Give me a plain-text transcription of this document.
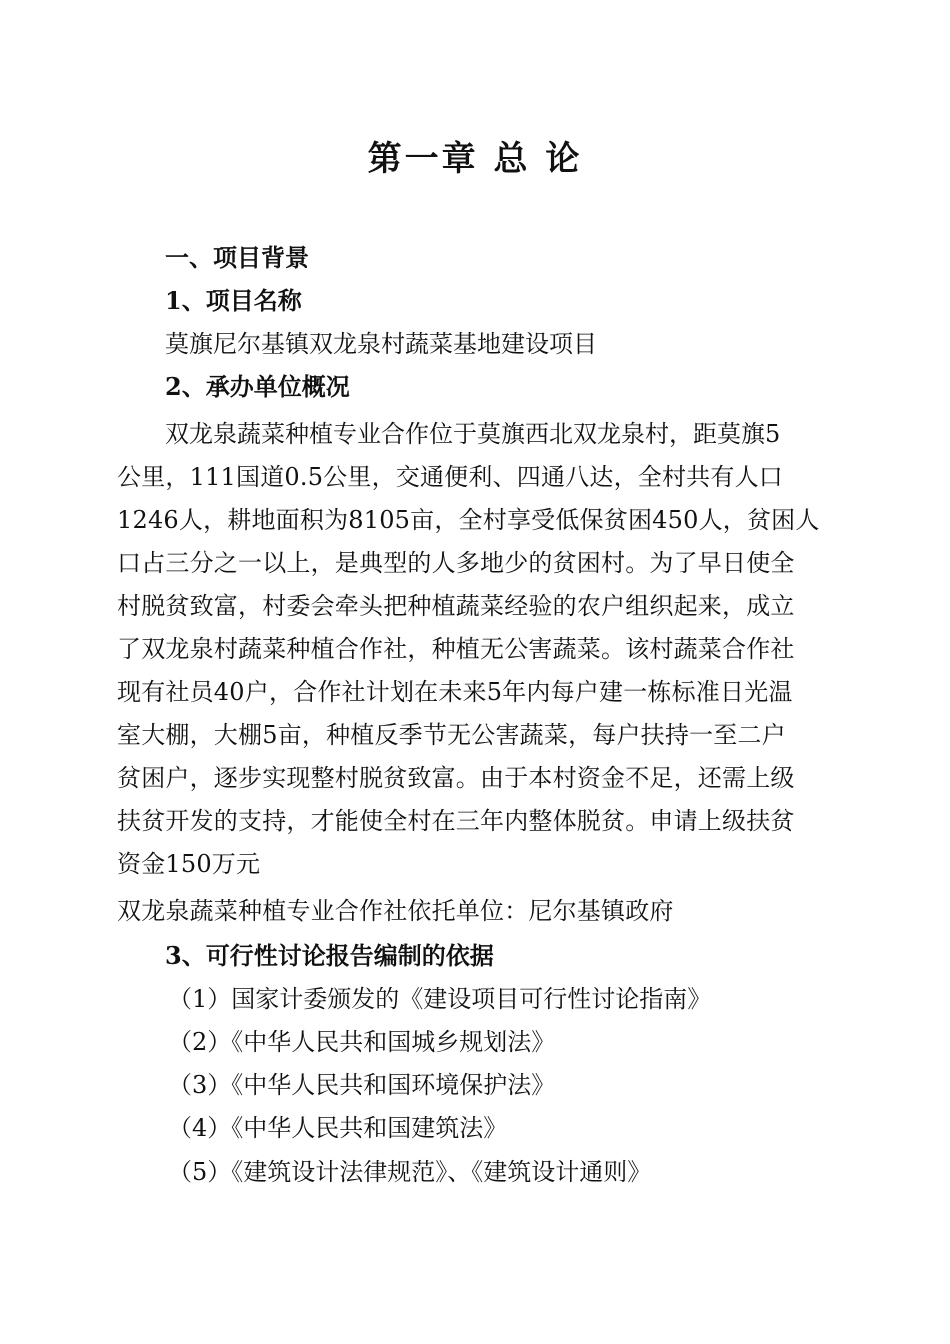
第一章 总 论
一、项目背景
1、项目名称
莫旗尼尔基镇双龙泉村蔬菜基地建设项目
2、承办单位概况
双龙泉蔬菜种植专业合作位于莫旗西北双龙泉村，距莫旗5
公里，111国道0.5公里，交通便利、四通八达，全村共有人口
1246人，耕地面积为8105亩，全村享受低保贫困450人，贫困人
口占三分之一以上，是典型的人多地少的贫困村。为了早日使全
村脱贫致富，村委会牵头把种植蔬菜经验的农户组织起来，成立
了双龙泉村蔬菜种植合作社，种植无公害蔬菜。该村蔬菜合作社
现有社员40户，合作社计划在未来5年内每户建一栋标准日光温
室大棚，大棚5亩，种植反季节无公害蔬菜，每户扶持一至二户
贫困户，逐步实现整村脱贫致富。由于本村资金不足，还需上级
扶贫开发的支持，才能使全村在三年内整体脱贫。申请上级扶贫
资金150万元
双龙泉蔬菜种植专业合作社依托单位：尼尔基镇政府
3、可行性讨论报告编制的依据
（1）国家计委颁发的《建设项目可行性讨论指南》
（2）《中华人民共和国城乡规划法》
（3）《中华人民共和国环境保护法》
（4）《中华人民共和国建筑法》
（5）《建筑设计法律规范》、《建筑设计通则》
